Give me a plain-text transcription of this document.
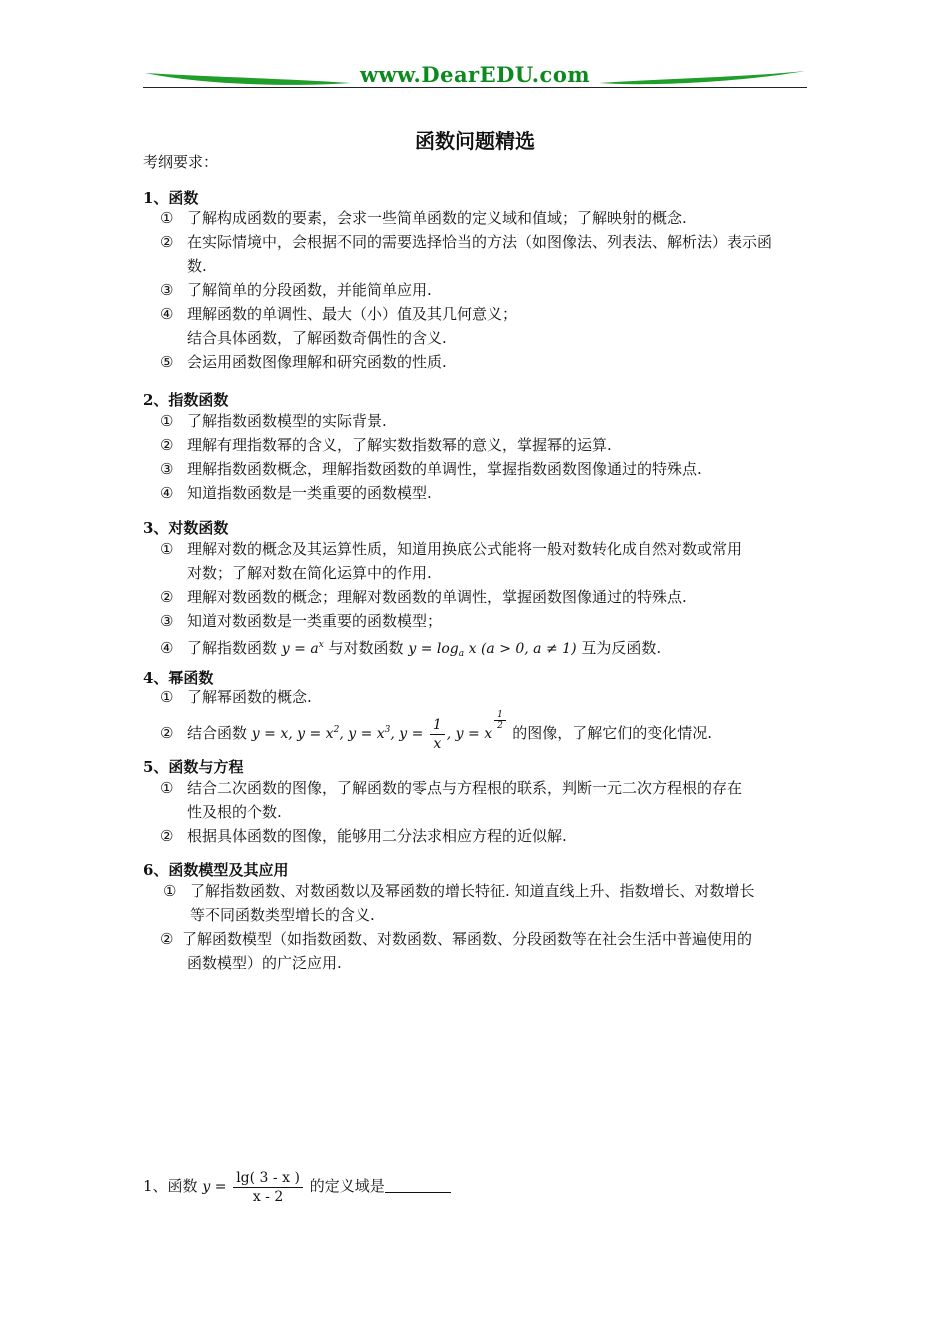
www.DearEDU.com
函数问题精选
考纲要求：
1、函数
① 了解构成函数的要素，会求一些简单函数的定义域和值域；了解映射的概念.
② 在实际情境中，会根据不同的需要选择恰当的方法（如图像法、列表法、解析法）表示函
数.
③ 了解简单的分段函数，并能简单应用.
④ 理解函数的单调性、最大（小）值及其几何意义；
结合具体函数，了解函数奇偶性的含义.
⑤ 会运用函数图像理解和研究函数的性质.
2、指数函数
① 了解指数函数模型的实际背景.
② 理解有理指数幂的含义，了解实数指数幂的意义，掌握幂的运算.
③ 理解指数函数概念，理解指数函数的单调性，掌握指数函数图像通过的特殊点.
④ 知道指数函数是一类重要的函数模型.
3、对数函数
① 理解对数的概念及其运算性质，知道用换底公式能将一般对数转化成自然对数或常用
对数；了解对数在简化运算中的作用.
② 理解对数函数的概念；理解对数函数的单调性，掌握函数图像通过的特殊点.
③ 知道对数函数是一类重要的函数模型；
④ 了解指数函数 $y = a^x$ 与对数函数 $y = \log_a x$ (a > 0, a ≠ 1) 互为反函数.
4、幂函数
① 了解幂函数的概念.
② 结合函数 y = x, $y = x^2$, $y = x^3$, $y = \frac{1}{x}$ , y = x
$\frac{1}{2}$
的图像，了解它们的变化情况.
5、函数与方程
① 结合二次函数的图像，了解函数的零点与方程根的联系，判断一元二次方程根的存在
性及根的个数.
② 根据具体函数的图像，能够用二分法求相应方程的近似解.
6、函数模型及其应用
① 了解指数函数、对数函数以及幂函数的增长特征. 知道直线上升、指数增长、对数增长
等不同函数类型增长的含义.
② 了解函数模型（如指数函数、对数函数、幂函数、分段函数等在社会生活中普遍使用的
函数模型）的广泛应用.
1、函数 $y = \frac{\lg( 3 - x )}{x - 2}$ 的定义域是
